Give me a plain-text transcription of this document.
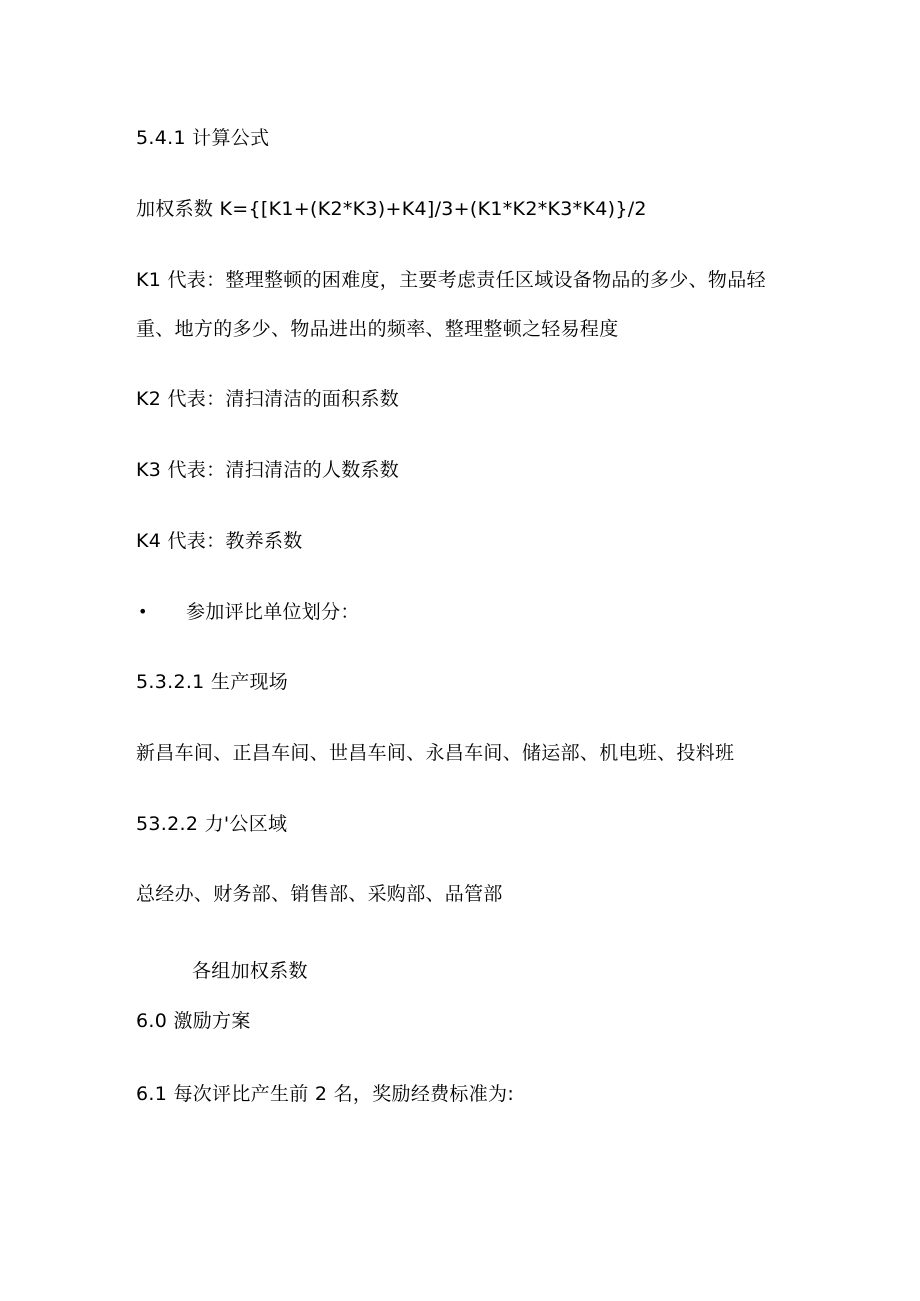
5.4.1 计算公式
加权系数 K={[K1+(K2*K3)+K4]/3+(K1*K2*K3*K4)}/2
K1 代表：整理整顿的困难度，主要考虑责任区域设备物品的多少、物品轻
重、地方的多少、物品进出的频率、整理整顿之轻易程度
K2 代表：清扫清洁的面积系数
K3 代表：清扫清洁的人数系数
K4 代表：教养系数
• 参加评比单位划分：
5.3.2.1 生产现场
新昌车间、正昌车间、世昌车间、永昌车间、储运部、机电班、投料班
53.2.2 力'公区域
总经办、财务部、销售部、采购部、品管部
各组加权系数
6.0 激励方案
6.1 每次评比产生前 2 名，奖励经费标准为:
